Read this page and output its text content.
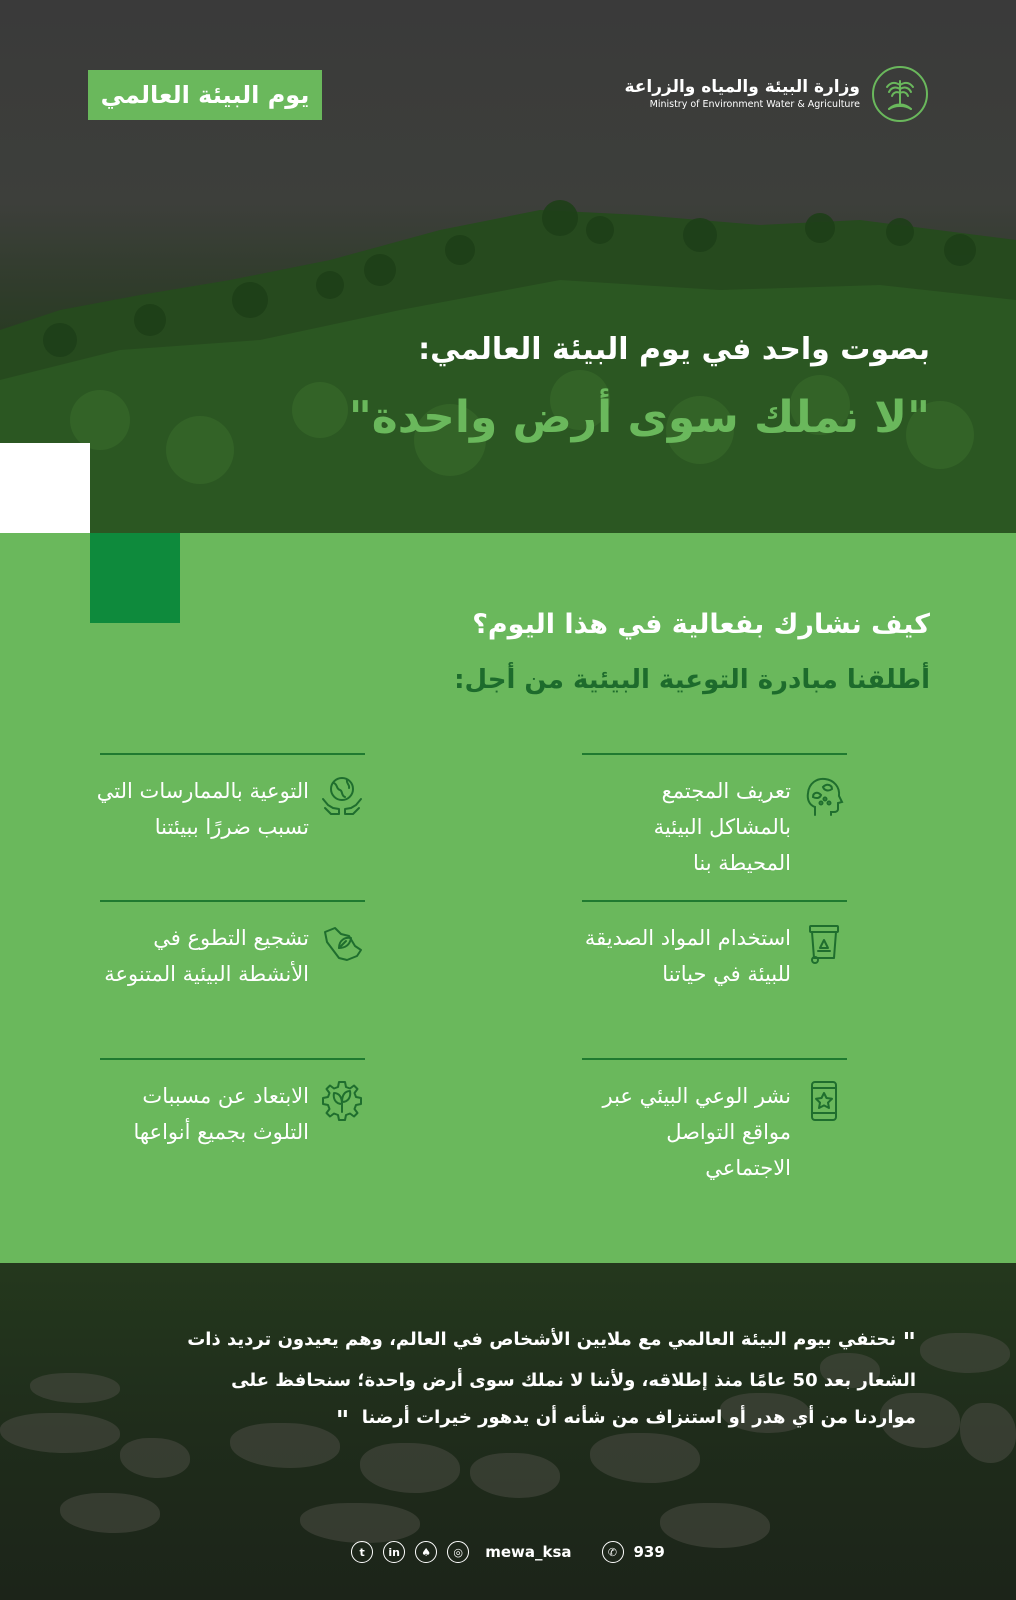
يوم البيئة العالمي	وزارة البيئة والمياه والزراعة
Ministry of Environment Water & Agriculture
بصوت واحد في يوم البيئة العالمي:
"لا نملك سوى أرض واحدة"
كيف نشارك بفعالية في هذا اليوم؟
أطلقنا مبادرة التوعية البيئية من أجل:
تعريف المجتمع بالمشاكل البيئية المحيطة بنا
استخدام المواد الصديقة للبيئة في حياتنا
نشر الوعي البيئي عبر مواقع التواصل الاجتماعي
التوعية بالممارسات التي تسبب ضررًا ببيئتنا
تشجيع التطوع في الأنشطة البيئية المتنوعة
الابتعاد عن مسببات التلوث بجميع أنواعها
" نحتفي بيوم البيئة العالمي مع ملايين الأشخاص في العالم، وهم يعيدون ترديد ذات
الشعار بعد 50 عامًا منذ إطلاقه، ولأننا لا نملك سوى أرض واحدة؛ سنحافظ على
مواردنا من أي هدر أو استنزاف من شأنه أن يدهور خيرات أرضنا  "
t	in	♠	◎	mewa_ksa	✆	939
